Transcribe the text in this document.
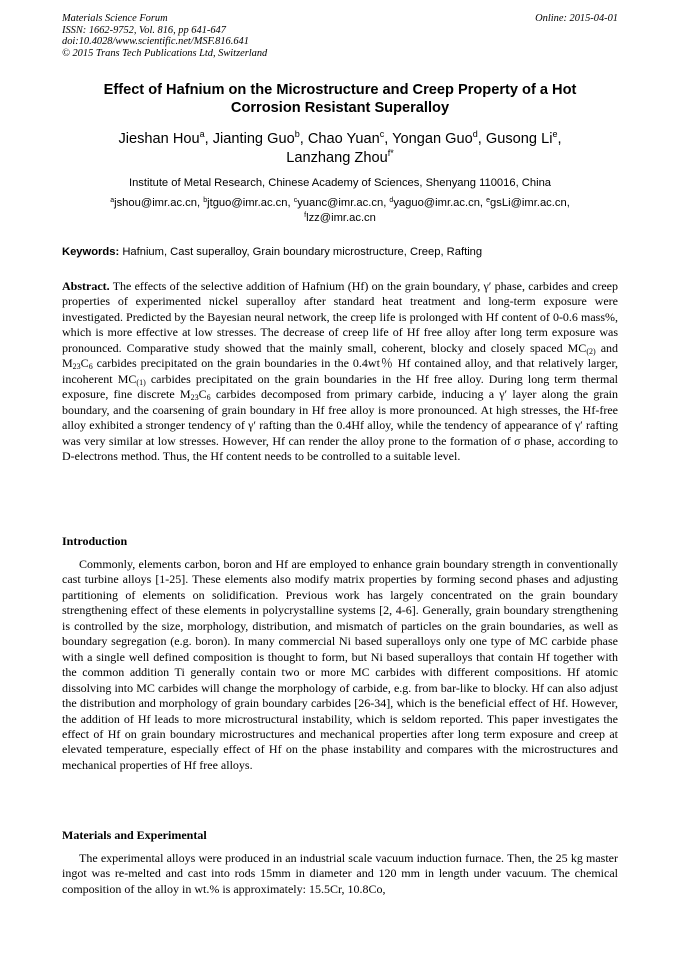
Materials Science Forum	Online: 2015-04-01
ISSN: 1662-9752, Vol. 816, pp 641-647
doi:10.4028/www.scientific.net/MSF.816.641
© 2015 Trans Tech Publications Ltd, Switzerland
Effect of Hafnium on the Microstructure and Creep Property of a Hot
Corrosion Resistant Superalloy
Jieshan Hou$^a$, Jianting Guo$^b$, Chao Yuan$^c$, Yongan Guo$^d$, Gusong Li$^e$,
Lanzhang Zhou$^{f*}$
Institute of Metal Research, Chinese Academy of Sciences, Shenyang 110016, China
$^a$jshou@imr.ac.cn, $^b$jtguo@imr.ac.cn, $^c$yuanc@imr.ac.cn, $^d$yaguo@imr.ac.cn, $^e$gsLi@imr.ac.cn,
$^f$lzz@imr.ac.cn
Keywords: Hafnium, Cast superalloy, Grain boundary microstructure, Creep, Rafting
Abstract. The effects of the selective addition of Hafnium (Hf) on the grain boundary, γ′ phase, carbides and creep properties of experimented nickel superalloy after standard heat treatment and long-term exposure were investigated. Predicted by the Bayesian neural network, the creep life is prolonged with Hf content of 0-0.6 mass%, which is more effective at low stresses. The decrease of creep life of Hf free alloy after long term exposure was pronounced. Comparative study showed that the mainly small, coherent, blocky and closely spaced $MC_{(2)}$ and $M_{23}C_6$ carbides precipitated on the grain boundaries in the 0.4wt％ Hf contained alloy, and that relatively larger, incoherent $MC_{(1)}$ carbides precipitated on the grain boundaries in the Hf free alloy. During long term thermal exposure, fine discrete $M_{23}C_6$ carbides decomposed from primary carbide, inducing a γ′ layer along the grain boundary, and the coarsening of grain boundary in Hf free alloy is more pronounced. At high stresses, the Hf-free alloy exhibited a stronger tendency of γ′ rafting than the 0.4Hf alloy, while the tendency of appearance of γ′ rafting was very similar at low stresses. However, Hf can render the alloy prone to the formation of σ phase, according to D-electrons method. Thus, the Hf content needs to be controlled to a suitable level.
Introduction
Commonly, elements carbon, boron and Hf are employed to enhance grain boundary strength in conventionally cast turbine alloys [1-25]. These elements also modify matrix properties by forming second phases and adjusting partitioning of elements on solidification. Previous work has largely concentrated on the grain boundary strengthening effect of these elements in polycrystalline systems [2, 4-6]. Generally, grain boundary strengthening is controlled by the size, morphology, distribution, and mismatch of particles on the grain boundaries, as well as boundary segregation (e.g. boron). In many commercial Ni based superalloys only one type of MC carbide phase with a single well defined composition is thought to form, but Ni based superalloys that contain Hf together with the common addition Ti generally contain two or more MC carbides with different compositions. Hf atomic dissolving into MC carbides will change the morphology of carbide, e.g. from bar-like to blocky. Hf can also adjust the distribution and morphology of grain boundary carbides [26-34], which is the beneficial effect of Hf. However, the addition of Hf leads to more microstructural instability, which is seldom reported. This paper investigates the effect of Hf on grain boundary microstructures and mechanical properties after long term exposure and creep at elevated temperature, especially effect of Hf on the phase instability and compares with the microstructures and mechanical properties of Hf free alloys.
Materials and Experimental
The experimental alloys were produced in an industrial scale vacuum induction furnace. Then, the 25 kg master ingot was re-melted and cast into rods 15mm in diameter and 120 mm in length under vacuum. The chemical composition of the alloy in wt.% is approximately: 15.5Cr, 10.8Co,
